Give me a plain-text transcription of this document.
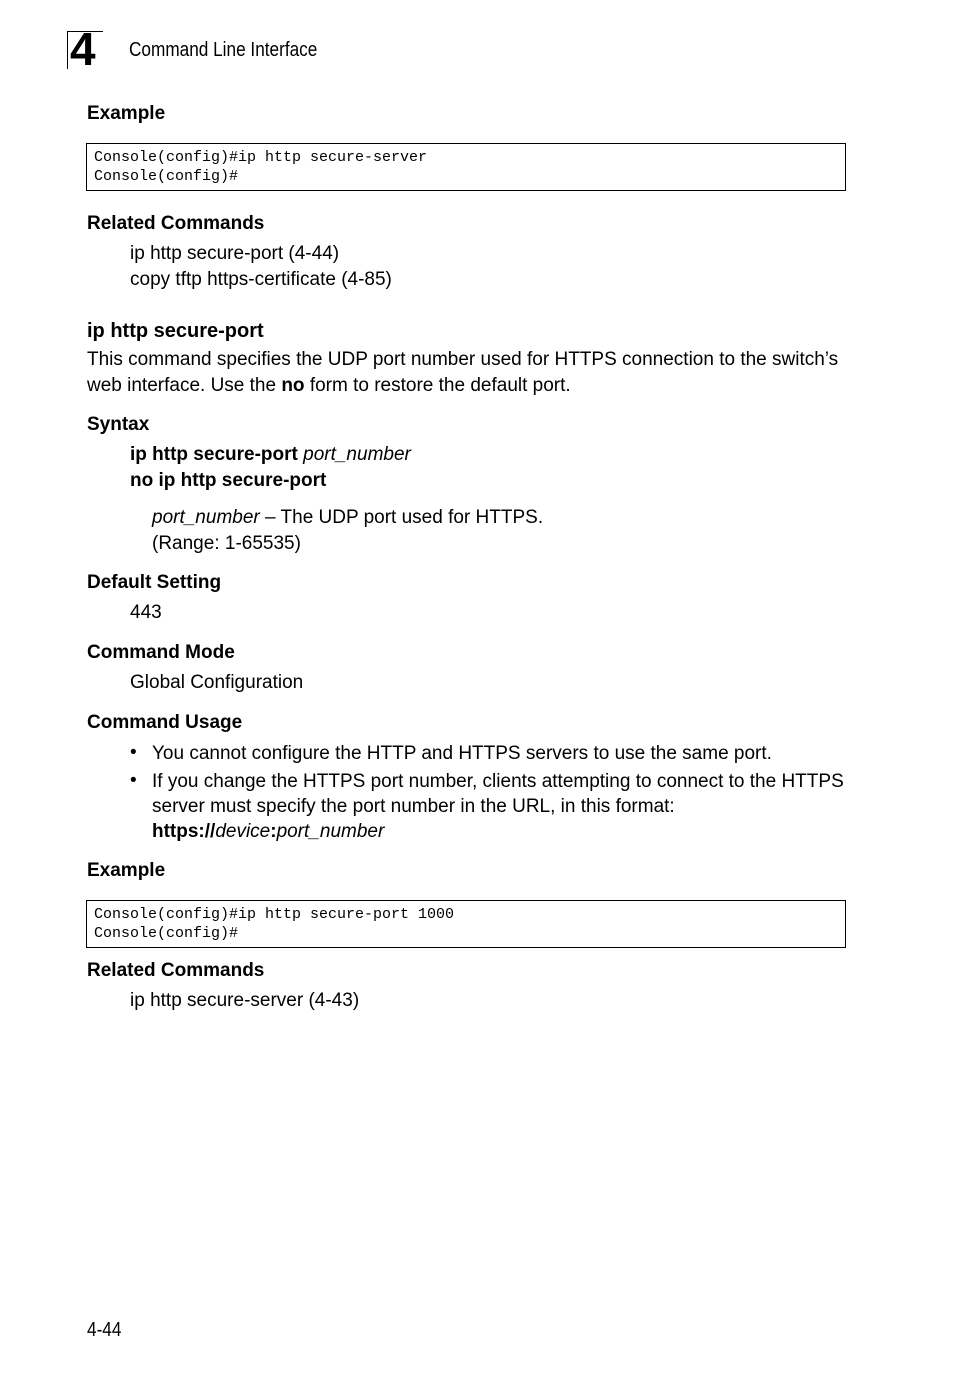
4 Command Line Interface
Example
Console(config)#ip http secure-server
Console(config)#
Related Commands
ip http secure-port (4-44)
copy tftp https-certificate (4-85)
ip http secure-port
This command specifies the UDP port number used for HTTPS connection to the switch’s web interface. Use the no form to restore the default port.
Syntax
ip http secure-port port_number
no ip http secure-port
port_number – The UDP port used for HTTPS.
(Range: 1-65535)
Default Setting
443
Command Mode
Global Configuration
Command Usage
• You cannot configure the HTTP and HTTPS servers to use the same port.
• If you change the HTTPS port number, clients attempting to connect to the HTTPS server must specify the port number in the URL, in this format:
https://device:port_number
Example
Console(config)#ip http secure-port 1000
Console(config)#
Related Commands
ip http secure-server (4-43)
4-44
